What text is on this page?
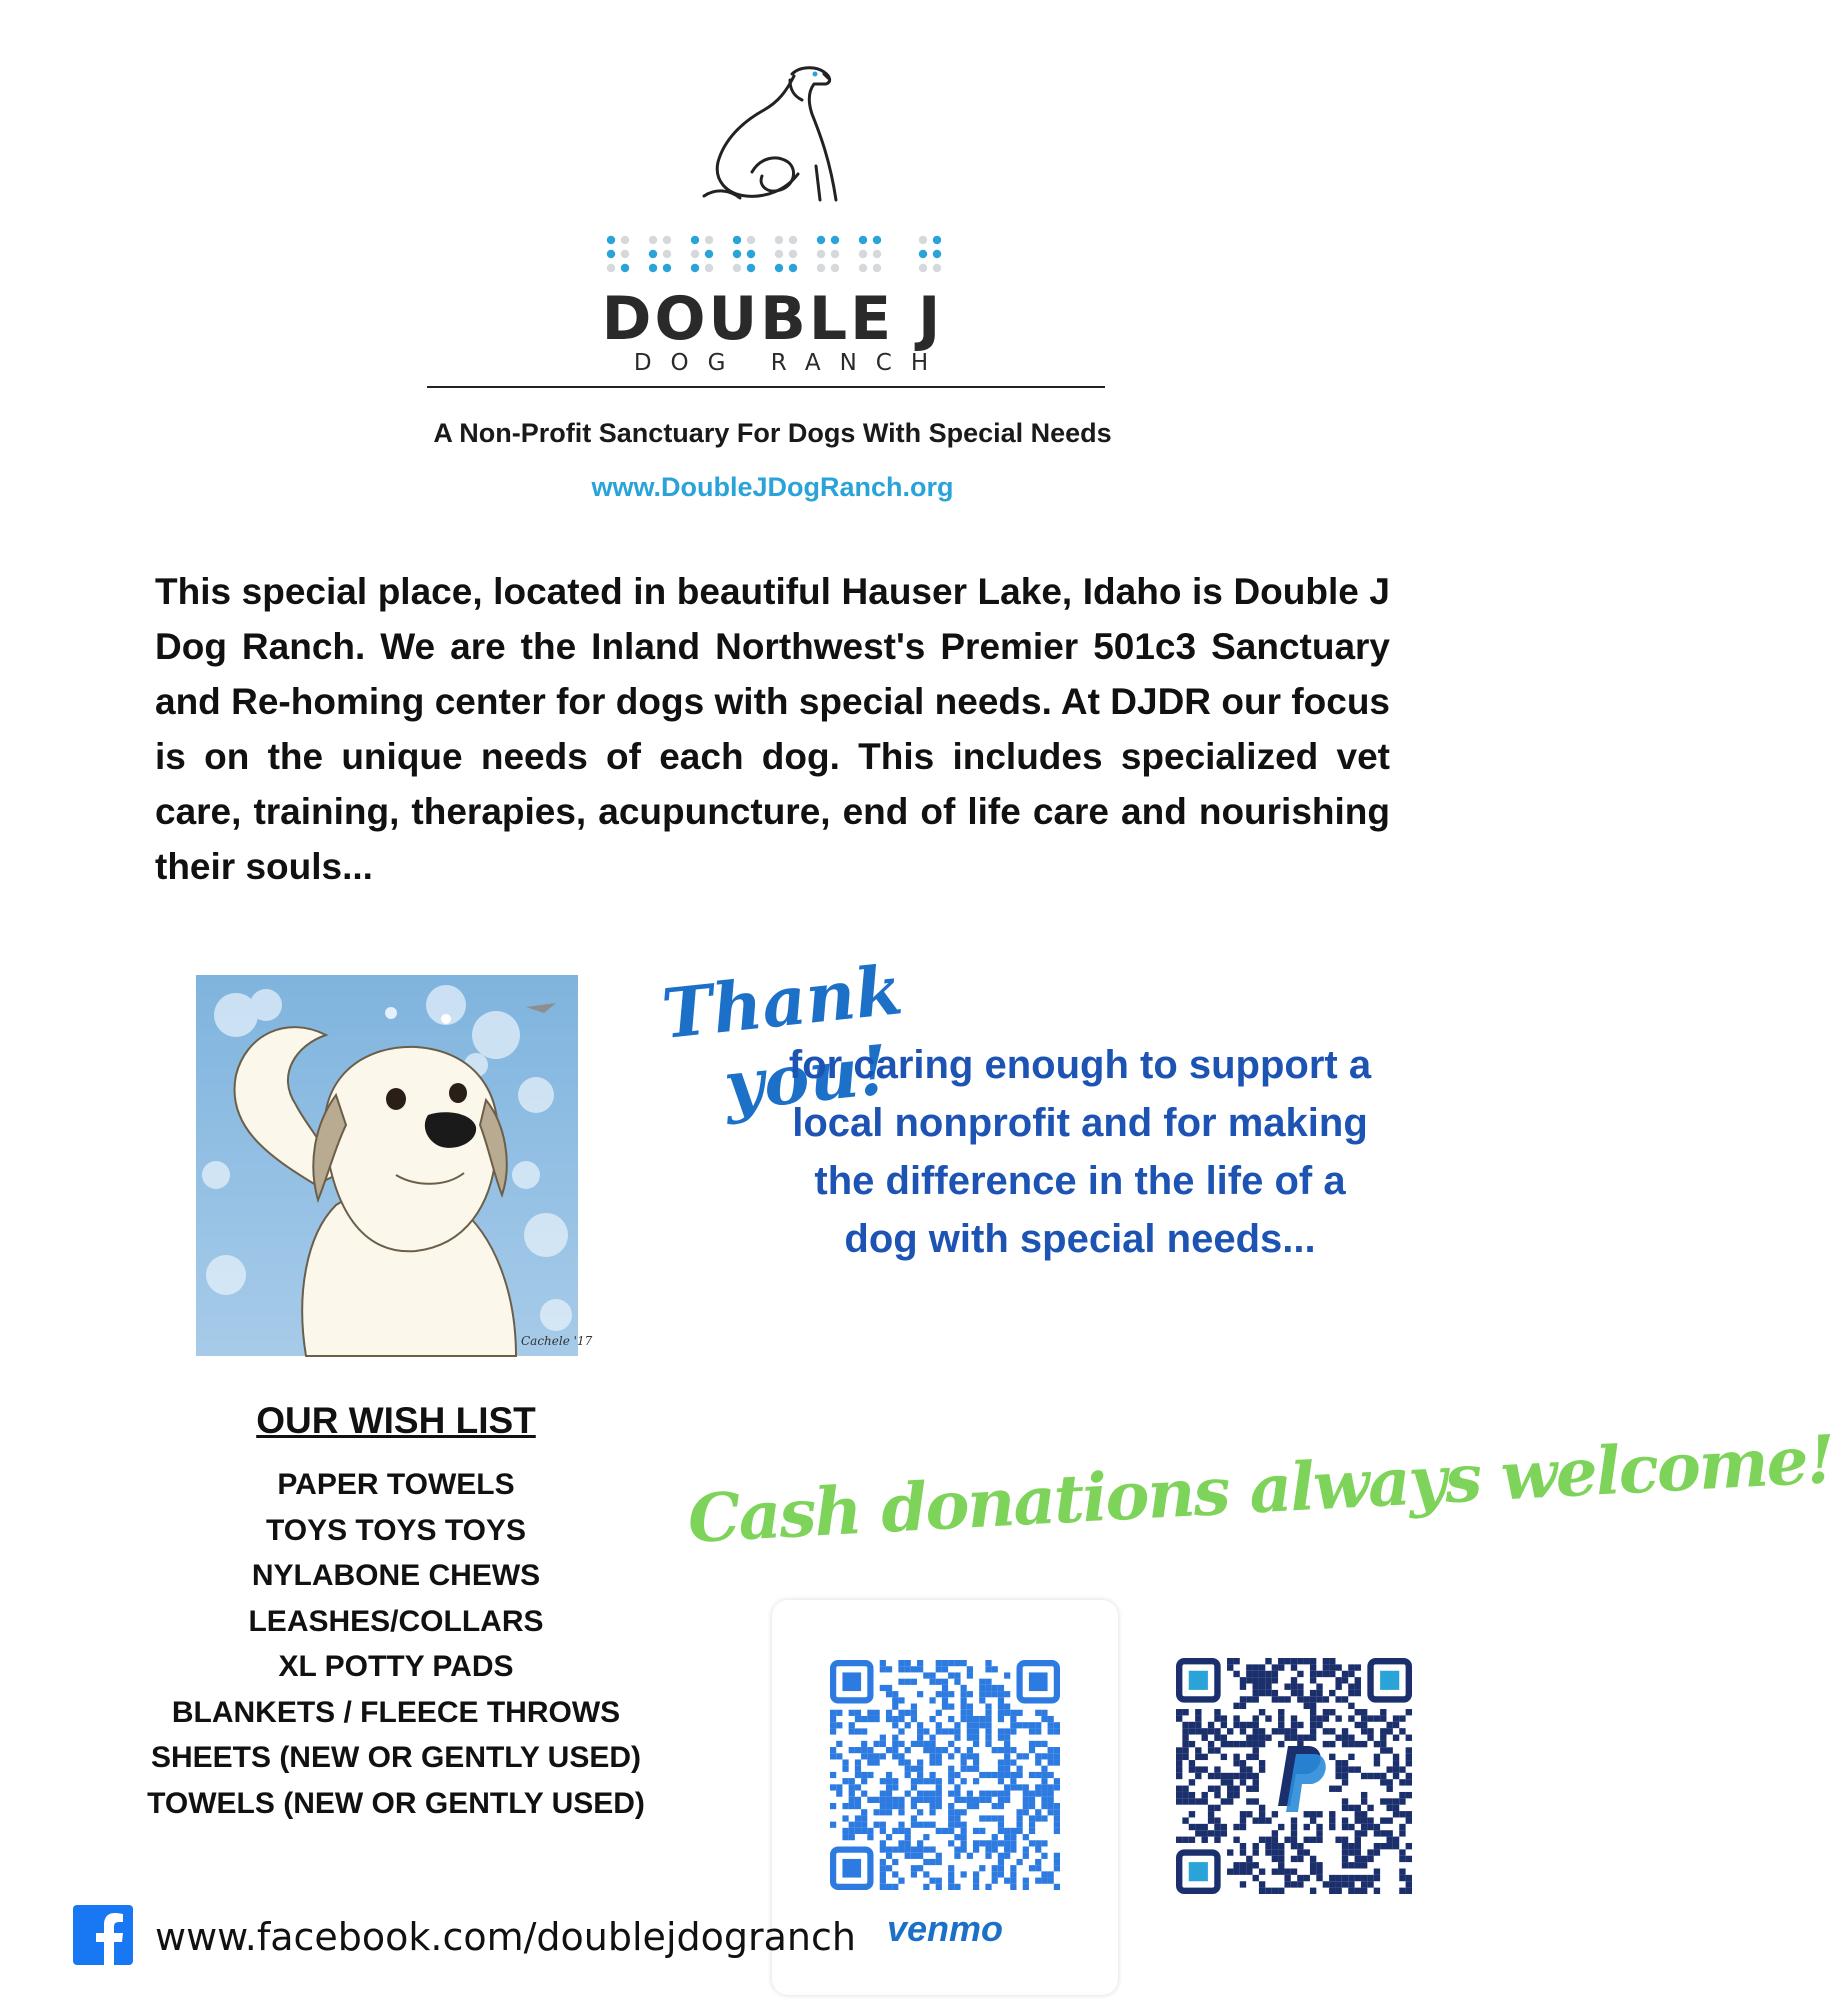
DOUBLE J
DOG RANCH
A Non-Profit Sanctuary For Dogs With Special Needs
www.DoubleJDogRanch.org
This special place, located in beautiful Hauser Lake, Idaho is Double J Dog Ranch. We are the Inland Northwest's Premier 501c3 Sanctuary and Re-homing center for dogs with special needs. At DJDR our focus is on the unique needs of each dog. This includes specialized vet care, training, therapies, acupuncture, end of life care and nourishing their souls...
Cachele '17
Thank
you!
for caring enough to support a local nonprofit and for making the difference in the life of a dog with special needs...
OUR WISH LIST
PAPER TOWELS
TOYS TOYS TOYS
NYLABONE CHEWS
LEASHES/COLLARS
XL POTTY PADS
BLANKETS / FLEECE THROWS
SHEETS (NEW OR GENTLY USED)
TOWELS (NEW OR GENTLY USED)
Cash donations always welcome!
venmo
www.facebook.com/doublejdogranch
